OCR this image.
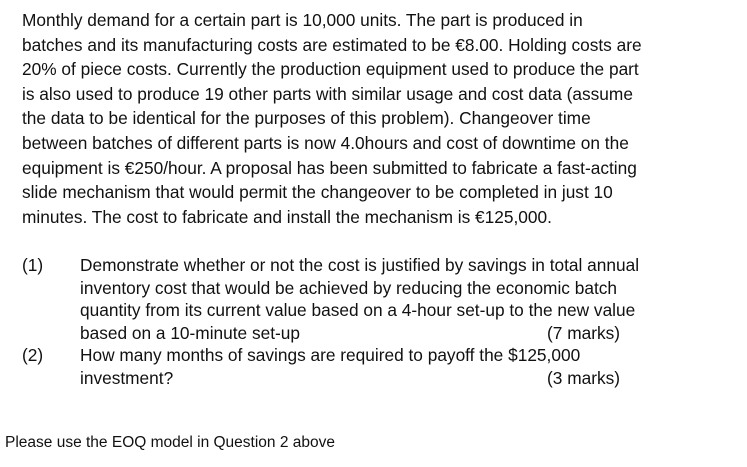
Monthly demand for a certain part is 10,000 units. The part is produced in
batches and its manufacturing costs are estimated to be €8.00. Holding costs are
20% of piece costs. Currently the production equipment used to produce the part
is also used to produce 19 other parts with similar usage and cost data (assume
the data to be identical for the purposes of this problem). Changeover time
between batches of different parts is now 4.0hours and cost of downtime on the
equipment is €250/hour. A proposal has been submitted to fabricate a fast-acting
slide mechanism that would permit the changeover to be completed in just 10
minutes. The cost to fabricate and install the mechanism is €125,000.
(1) Demonstrate whether or not the cost is justified by savings in total annual
inventory cost that would be achieved by reducing the economic batch
quantity from its current value based on a 4-hour set-up to the new value
based on a 10-minute set-up	(7 marks)
(2) How many months of savings are required to payoff the $125,000
investment?	(3 marks)
Please use the EOQ model in Question 2 above
